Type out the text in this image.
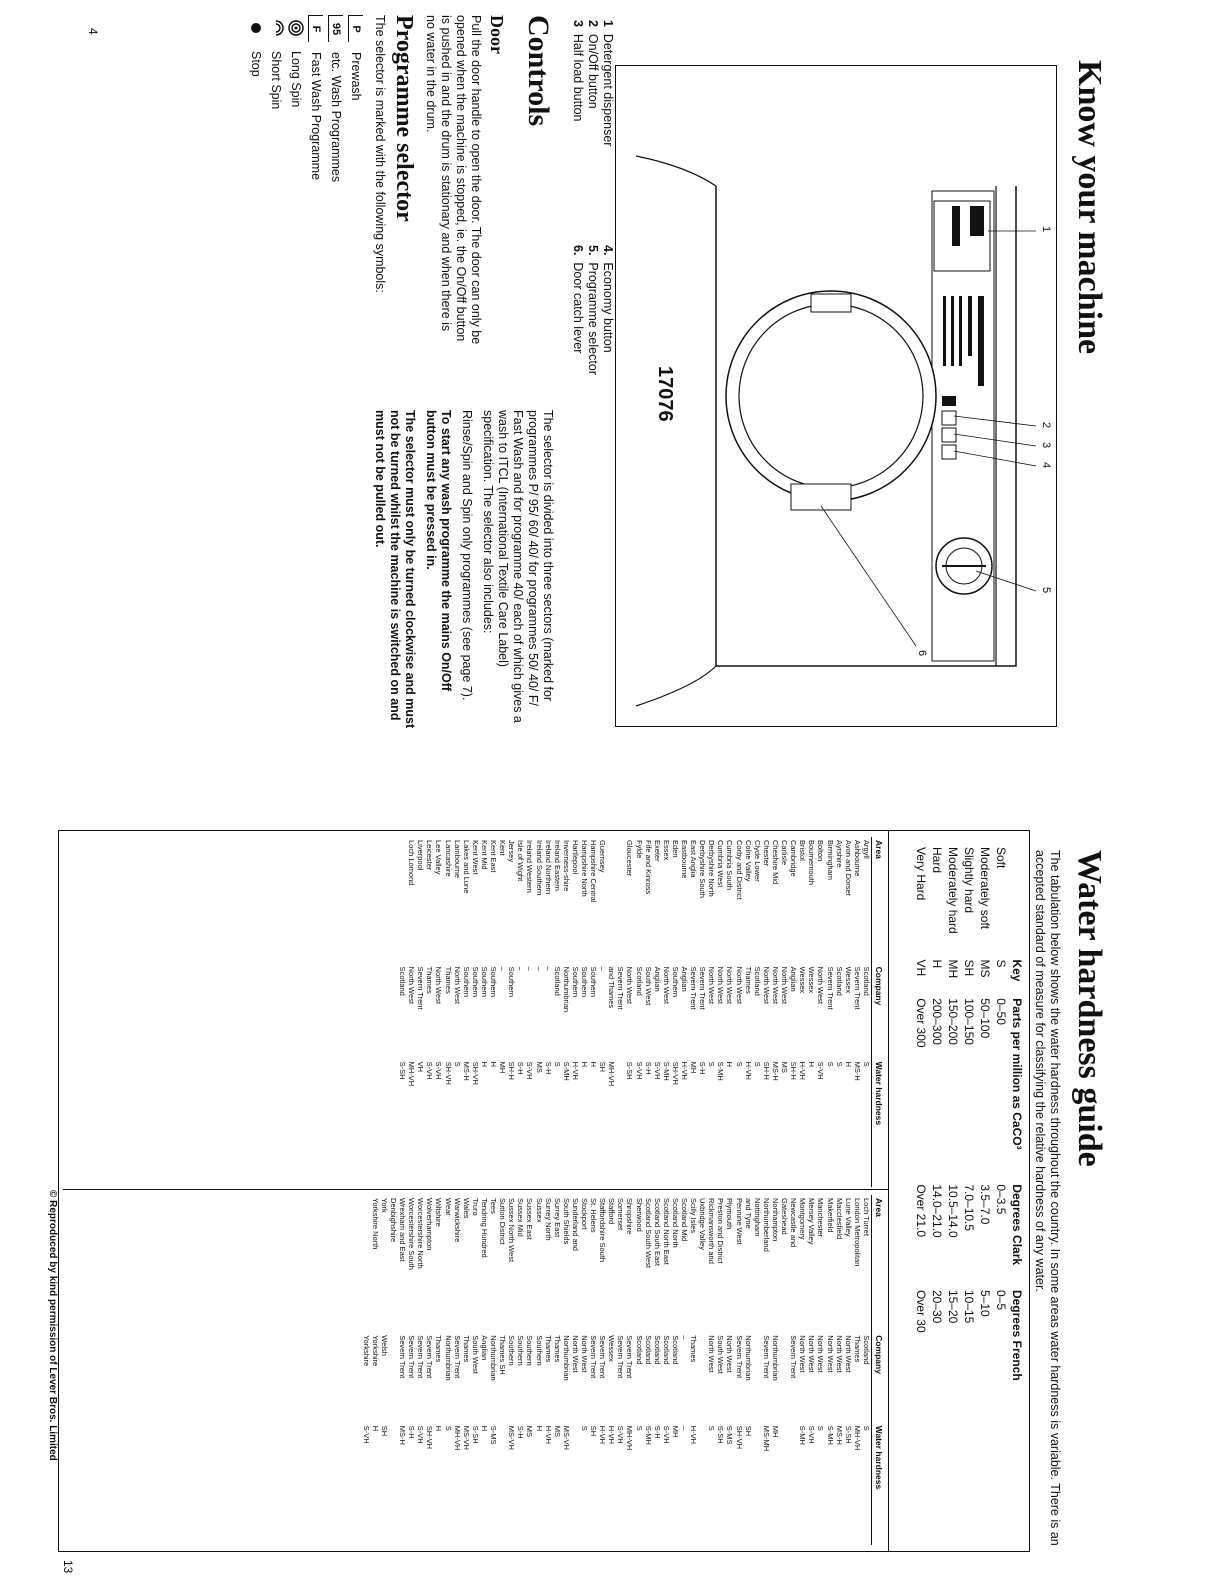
Know your machine
1
2
3
4
5
6
17076
1  Detergent dispenser
2  On/Off button
3  Half load button
4.  Economy button
5.  Programme selector
6.  Door catch lever
Controls
Door

Pull the door handle to open the door. The door can only be opened when the machine is stopped, ie. the On/Off button is pushed in and the drum is stationary and when there is no water in the drum.

Programme selector

The selector is marked with the following symbols:

P
Prewash
95
etc. Wash Programmes
F
Fast Wash Programme
Long Spin
Short Spin
Stop

The selector is divided into three sectors (marked for programmes P/ 95/ 60/ 40/ for programmes 50/ 40/ F/ Fast Wash and for programme 40/ each of which gives a wash to ITCL (International Textile Care Label) specification. The selector also includes:

Rinse/Spin and Spin only programmes (see page 7).

To start any wash programme the mains On/Off button must be pressed in.

The selector must only be turned clockwise and must not be turned whilst the machine is switched on and must not be pulled out.

4
Water hardness guide

The tabulation below shows the water hardness throughout the country. In some areas water hardness is variable. There is an accepted standard of measure for classifying the relative hardness of any water.

	Key	Parts per million as CaCO³	Degrees Clark	Degrees French
Soft	S	0–50	0–3.5	0–5
Moderately soft	MS	50–100	3.5–7.0	5–10
Slightly hard	SH	100–150	7.0–10.5	10–15
Moderately hard	MH	150–200	10.5–14.0	15–20
Hard	H	200–300	14.0–21.0	20–30
Very Hard	VH	Over 300	Over 21.0	Over 30
Area	Company	Water hardness
Argyll	Scotland	S
Ashbourne	Severn Trent	MS-H
Avon and Dorset	Wessex	H
Ayrshire	Scotland	S
Birmingham	Severn Trent	S
Bolton	North West	S-VH
Bournemouth	Wessex	H
Bristol	Wessex	H-VH
Cambridge	Anglian	SH-H
Carlisle	North West	MS
Cheshire Mid	North West	MS-H
Chester	North West	SH-H
Clyde Lower	Scotland	S
Colne Valley	Thames	H-VH
Corby and District	North West	S
Cumbria South	North West	H
Cumbria West	North West	S-MH
Derbyshire North	North West	S
Derbyshire South	Severn Trent	S-H
East Anglia	Severn Trent	MH
Eastbourne	Anglian	H-VH
Eden	Southern	SH-VH
Essex	North West	S-MH
Exeter	Anglian	S-VH
Fife and Kinross	South West	S-H
Fylde	Scotland	S-VH
Gloucester	North West	S-SH
	Severn Trent	
	and Thames	MH-VH
Guernsey	–	SH
Hampshire Central	Southern	H
Hampshire North	Southern	H
Hartlepool	Southern	H-VH
Inverness-shire	Northumbrian	S-MH
Ireland Eastern	Scotland	S
Ireland Northern	–	S-H
Ireland Southern	–	MS
Ireland Western	–	S-VH
Isle of Wight	–	S-H
Jersey	Southern	SH-H
Kent	–	MH
Kent East	Southern	H
Kent Mid	Southern	H
Kent West	Southern	SH-VH
Lakes and Lune	Southern	MS-H
Lambourne	North West	S
Lancashire	Thames	SH-VH
Lee Valley	North West	S-VH
Leicester	Thames	S-VH
Liverpool	Severn Trent	VH
Loch Lomond	North West	MH-VH
	Scotland	S-SH
Area	Company	Water hardness
Loch Turret	Scotland	S
London Metropolitan	Thames	MH-VH
Lune Valley	North West	S-SH
Macclesfield	North West	MS-H
Makerfield	North West	S-MH
Manchester	North West	S
Mersey Valley	North West	S-VH
Montgomery	North West	S-MH
Newcastle and	Severn Trent	
Gateshead		
Northampton	Northumbrian	MH
Northumberland	Severn Trent	MS-MH
Nottingham		
and Tyne	Northumbrian	SH
Pennine West	Severn Trent	SH-VH
Plymouth	North West	S-MS
Preston and District	South West	S-SH
Rickmansworth and	North West	S
Uxbridge Valley		
Scilly Isles	Thames	H-VH
Scotland Mid	–	–
Scotland North	Scotland	MH
Scotland North East	Scotland	S-VH
Scotland South East	Scotland	S-H
Scotland South West	Scotland	S-MH
Sherwood	Scotland	S
Shropshire	Severn Trent	MH-VH
Somerset	Severn Trent	S-VH
Stafford	Wessex	H-VH
Staffordshire South	Severn Trent	H-VH
St. Helens	Severn Trent	SH
Stockport	North West	S
Sunderland and	North West	
South Shields	Northumbrian	MS-VH
Surrey East	Thames	MS
Surrey North	Thames	H-VH
Sussex	Southern	H
Sussex East	Southern	MS
Sussex Mid	Southern	S-H
Sussex North West	Southern	MS-VH
Sutton District	Thames SH	
Tees	Northumbrian	S-MS
Tendring Hundred	Anglian	H
Truro	South West	S-SH
Wales	Thames	MS-VH
Warwickshire	Severn Trent	MH-VH
Wear	Northumbrian	S
Wiltshire	Thames	H
Wolverhampton	Severn Trent	SH-VH
Worcestershire North	Severn Trent	S-VH
Worcestershire South	Severn Trent	S-H
Wrexham and East	Severn Trent	MS-H
Denbighshire		
York	Welsh	SH
Yorkshire North	Yorkshire	H
	Yorkshire	S-VH
© Reproduced by kind permission of Lever Bros. Limited
13
